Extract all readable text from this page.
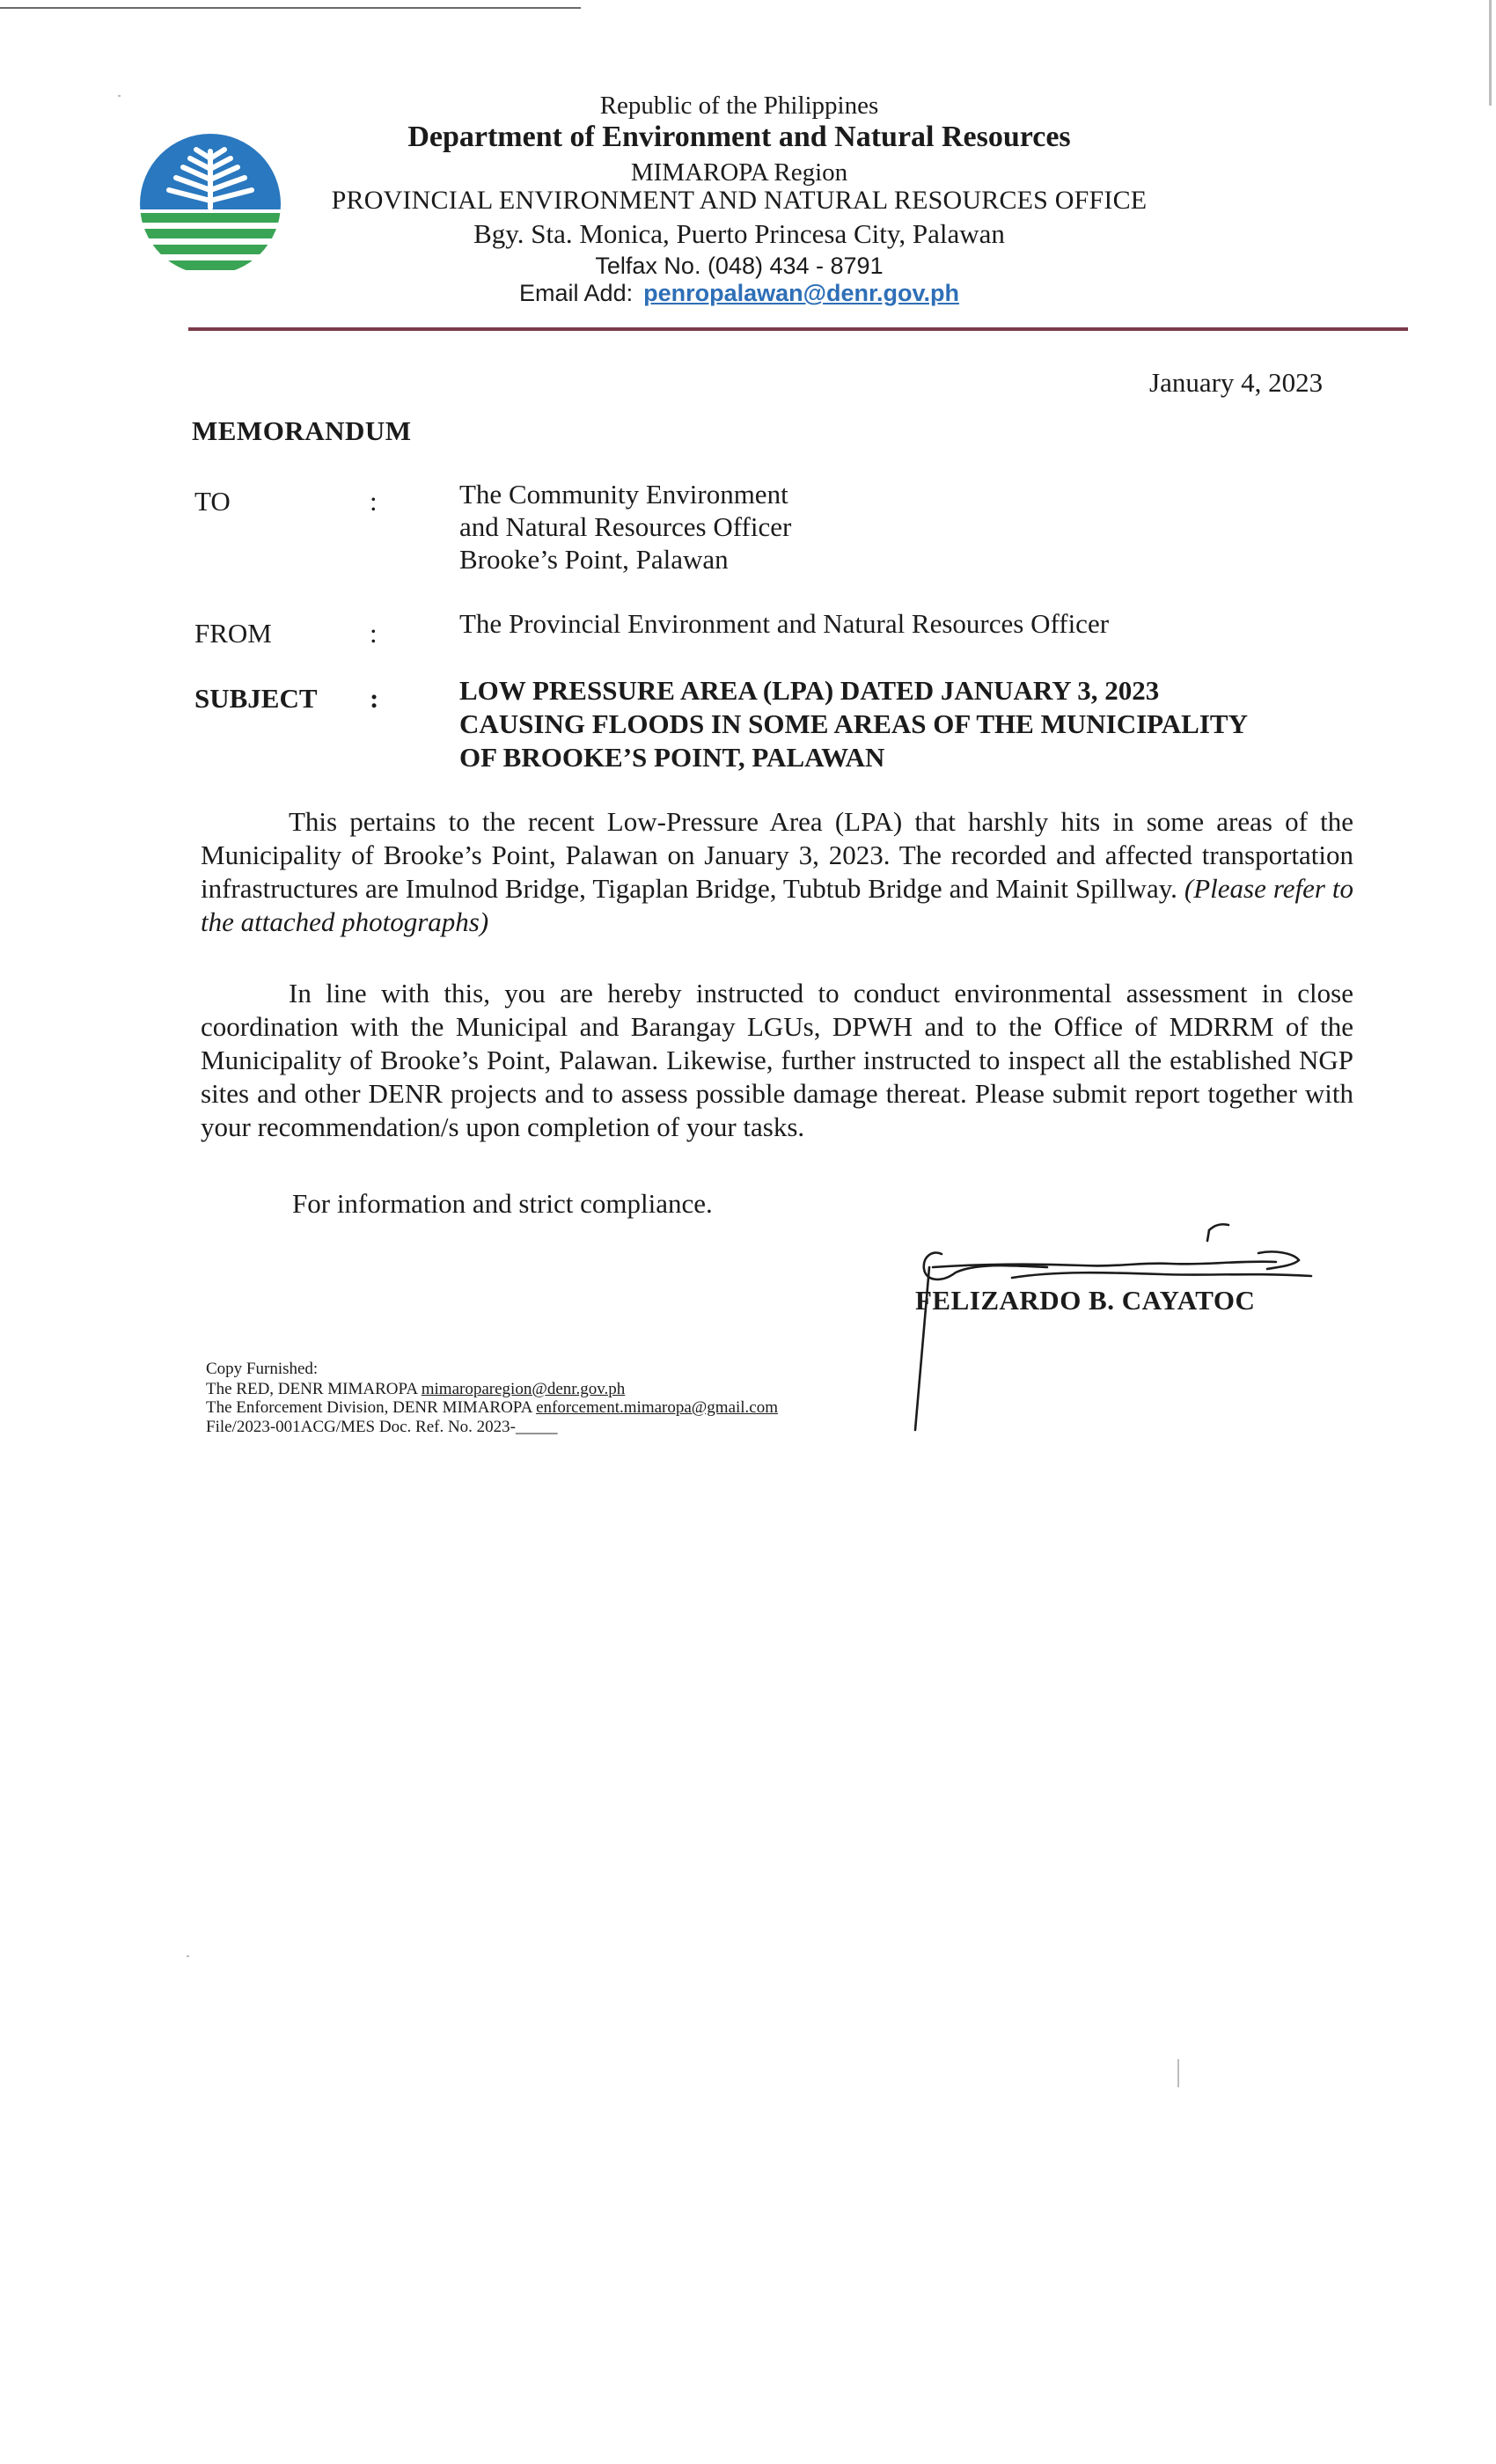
Republic of the Philippines
Department of Environment and Natural Resources
MIMAROPA Region
PROVINCIAL ENVIRONMENT AND NATURAL RESOURCES OFFICE
Bgy. Sta. Monica, Puerto Princesa City, Palawan
Telfax No. (048) 434 - 8791
Email Add: penropalawan@denr.gov.ph
January 4, 2023
MEMORANDUM
TO	:	The Community Environment
and Natural Resources Officer
Brooke’s Point, Palawan
FROM	:	The Provincial Environment and Natural Resources Officer
SUBJECT :	LOW PRESSURE AREA (LPA) DATED JANUARY 3, 2023
CAUSING FLOODS IN SOME AREAS OF THE MUNICIPALITY
OF BROOKE’S POINT, PALAWAN
This pertains to the recent Low-Pressure Area (LPA) that harshly hits in some areas of the Municipality of Brooke’s Point, Palawan on January 3, 2023. The recorded and affected transportation infrastructures are Imulnod Bridge, Tigaplan Bridge, Tubtub Bridge and Mainit Spillway. (Please refer to the attached photographs)
In line with this, you are hereby instructed to conduct environmental assessment in close coordination with the Municipal and Barangay LGUs, DPWH and to the Office of MDRRM of the Municipality of Brooke’s Point, Palawan. Likewise, further instructed to inspect all the established NGP sites and other DENR projects and to assess possible damage thereat. Please submit report together with your recommendation/s upon completion of your tasks.
For information and strict compliance.
FELIZARDO B. CAYATOC
Copy Furnished:
The RED, DENR MIMAROPA mimaroparegion@denr.gov.ph
The Enforcement Division, DENR MIMAROPA enforcement.mimaropa@gmail.com
File/2023-001ACG/MES Doc. Ref. No. 2023-_____
